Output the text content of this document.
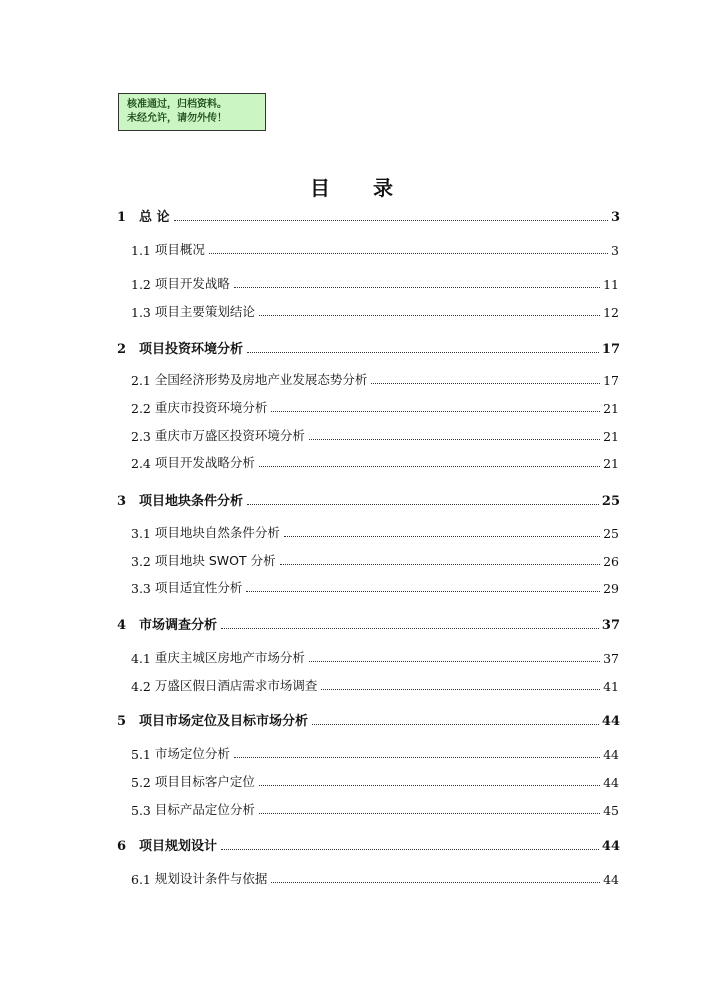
核准通过，归档资料。
未经允许，请勿外传！
目 录
1 总 论	3
1.1 项目概况	3
1.2 项目开发战略	11
1.3 项目主要策划结论	12
2 项目投资环境分析	17
2.1 全国经济形势及房地产业发展态势分析	17
2.2 重庆市投资环境分析	21
2.3 重庆市万盛区投资环境分析	21
2.4 项目开发战略分析	21
3 项目地块条件分析	25
3.1 项目地块自然条件分析	25
3.2 项目地块 SWOT 分析	26
3.3 项目适宜性分析	29
4 市场调查分析	37
4.1 重庆主城区房地产市场分析	37
4.2 万盛区假日酒店需求市场调查	41
5 项目市场定位及目标市场分析	44
5.1 市场定位分析	44
5.2 项目目标客户定位	44
5.3 目标产品定位分析	45
6 项目规划设计	44
6.1 规划设计条件与依据	44
